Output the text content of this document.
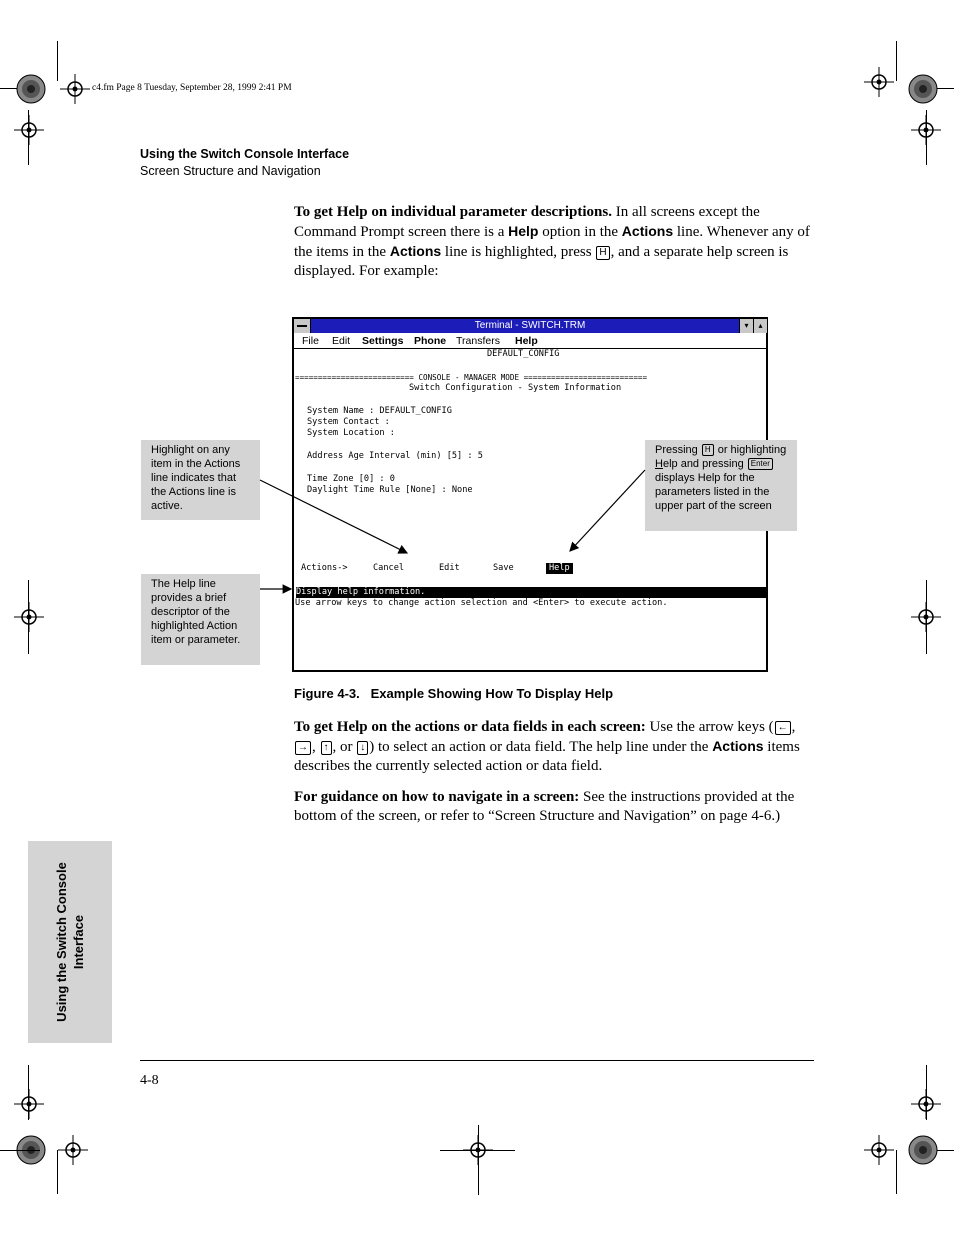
c4.fm Page 8 Tuesday, September 28, 1999 2:41 PM
Using the Switch Console Interface
Screen Structure and Navigation
To get Help on individual parameter descriptions. In all screens except the Command Prompt screen there is a Help option in the Actions line. Whenever any of the items in the Actions line is highlighted, press H , and a separate help screen is displayed. For example:
Terminal - SWITCH.TRM	▾	▴
File Edit Settings Phone Transfers Help
DEFAULT_CONFIG
========================== CONSOLE - MANAGER MODE ===========================
Switch Configuration - System Information
System Name : DEFAULT_CONFIG
System Contact :
System Location :
Address Age Interval (min) [5] : 5
Time Zone [0] : 0
Daylight Time Rule [None] : None
Actions->	Cancel	Edit	Save	Help
Display help information.
Use arrow keys to change action selection and <Enter> to execute action.
Highlight on any item in the Actions line indicates that the Actions line is active.
The Help line provides a brief descriptor of the highlighted Action item or parameter.
Pressing H or highlighting Help and pressing Enter displays Help for the parameters listed in the upper part of the screen
Figure 4-3.   Example Showing How To Display Help
To get Help on the actions or data fields in each screen: Use the arrow keys ( ← , → , ↑ , or ↓ ) to select an action or data field. The help line under the Actions items describes the currently selected action or data field.
For guidance on how to navigate in a screen: See the instructions provided at the bottom of the screen, or refer to “Screen Structure and Navigation” on page 4-6.)
Using the Switch Console Interface
4-8
